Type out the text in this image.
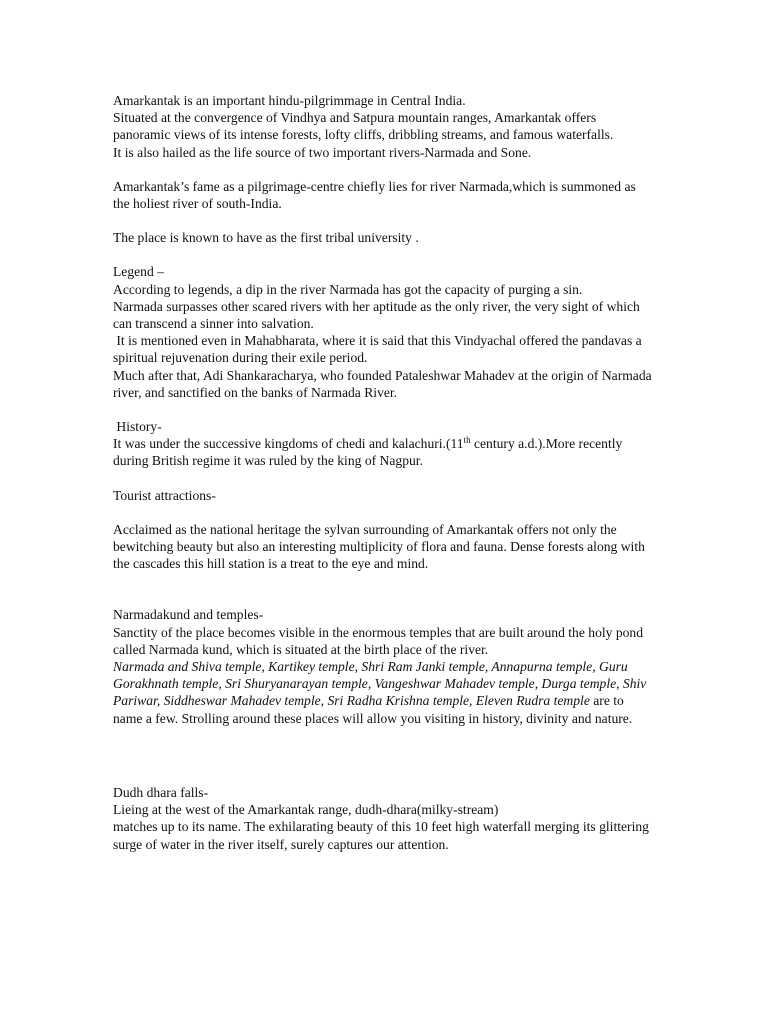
Amarkantak is an important hindu-pilgrimmage in Central India.

Situated at the convergence of Vindhya and Satpura mountain ranges, Amarkantak offers panoramic views of its intense forests, lofty cliffs, dribbling streams, and famous waterfalls.

It is also hailed as the life source of two important rivers-Narmada and Sone.

Amarkantak’s fame as a pilgrimage-centre chiefly lies for river Narmada,which is summoned as the holiest river of south-India.

The place is known to have as the first tribal university .

Legend –

According to legends, a dip in the river Narmada has got the capacity of purging a sin.

Narmada surpasses other scared rivers with her aptitude as the only river, the very sight of which can transcend a sinner into salvation.

It is mentioned even in Mahabharata, where it is said that this Vindyachal offered the pandavas a spiritual rejuvenation during their exile period.

Much after that, Adi Shankaracharya, who founded Pataleshwar Mahadev at the origin of Narmada river, and sanctified on the banks of Narmada River.

History-

It was under the successive kingdoms of chedi and kalachuri.(11th century a.d.).More recently during British regime it was ruled by the king of Nagpur.

Tourist attractions-

Acclaimed as the national heritage the sylvan surrounding of Amarkantak offers not only the bewitching beauty but also an interesting multiplicity of flora and fauna. Dense forests along with the cascades this hill station is a treat to the eye and mind.

Narmadakund and temples-

Sanctity of the place becomes visible in the enormous temples that are built around the holy pond called Narmada kund, which is situated at the birth place of the river.

Narmada and Shiva temple, Kartikey temple, Shri Ram Janki temple, Annapurna temple, Guru Gorakhnath temple, Sri Shuryanarayan temple, Vangeshwar Mahadev temple, Durga temple, Shiv Pariwar, Siddheswar Mahadev temple, Sri Radha Krishna temple, Eleven Rudra temple are to name a few. Strolling around these places will allow you visiting in history, divinity and nature.

Dudh dhara falls-

Lieing at the west of the Amarkantak range, dudh-dhara(milky-stream)

matches up to its name. The exhilarating beauty of this 10 feet high waterfall merging its glittering surge of water in the river itself, surely captures our attention.
